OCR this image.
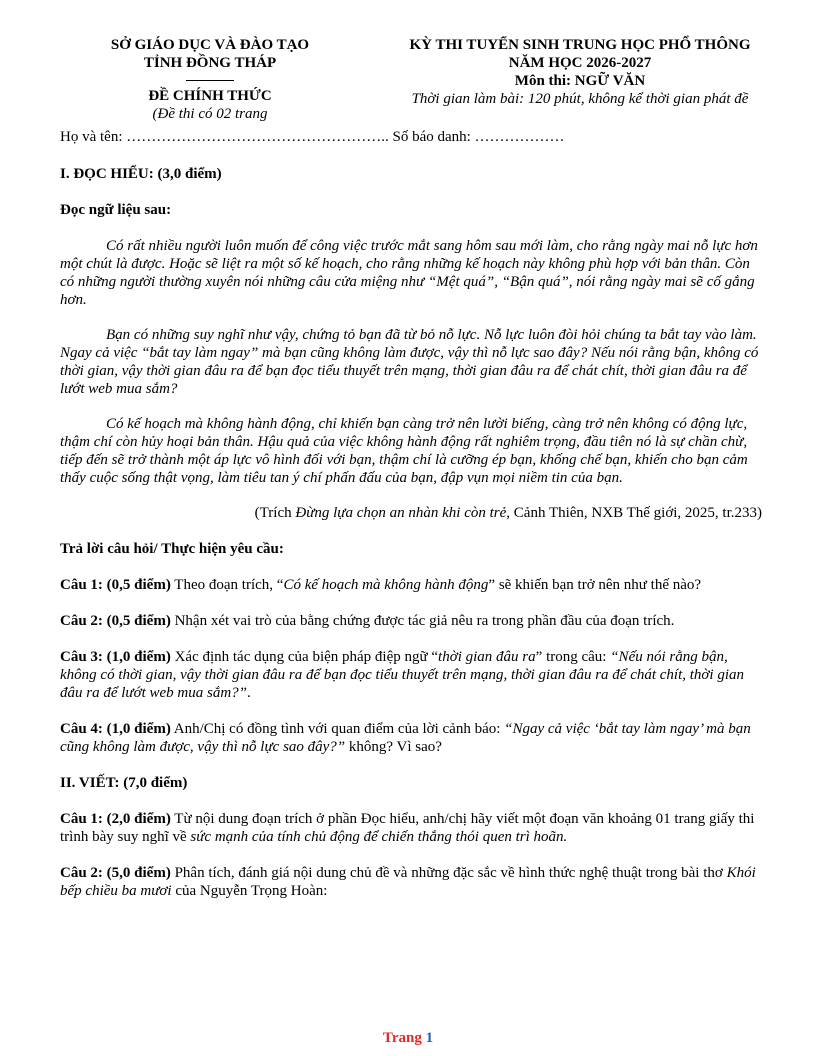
SỞ GIÁO DỤC VÀ ĐÀO TẠO
TỈNH ĐỒNG THÁP
ĐỀ CHÍNH THỨC
(Đề thi có 02 trang
KỲ THI TUYỂN SINH TRUNG HỌC PHỔ THÔNG
NĂM HỌC 2026-2027
Môn thi: NGỮ VĂN
Thời gian làm bài: 120 phút, không kể thời gian phát đề
Họ và tên: …………………………………………….. Số báo danh: ………………

I. ĐỌC HIỂU: (3,0 điểm)

Đọc ngữ liệu sau:

Có rất nhiều người luôn muốn để công việc trước mắt sang hôm sau mới làm, cho rằng ngày mai nỗ lực hơn một chút là được. Hoặc sẽ liệt ra một số kế hoạch, cho rằng những kế hoạch này không phù hợp với bản thân. Còn có những người thường xuyên nói những câu cửa miệng như “Mệt quá”, “Bận quá”, nói rằng ngày mai sẽ cố gắng hơn.

Bạn có những suy nghĩ như vậy, chứng tỏ bạn đã từ bỏ nỗ lực. Nỗ lực luôn đòi hỏi chúng ta bắt tay vào làm. Ngay cả việc “bắt tay làm ngay” mà bạn cũng không làm được, vậy thì nỗ lực sao đây? Nếu nói rằng bận, không có thời gian, vậy thời gian đâu ra để bạn đọc tiểu thuyết trên mạng, thời gian đâu ra để chát chít, thời gian đâu ra để lướt web mua sắm?

Có kế hoạch mà không hành động, chỉ khiến bạn càng trở nên lười biếng, càng trở nên không có động lực, thậm chí còn hủy hoại bản thân. Hậu quả của việc không hành động rất nghiêm trọng, đầu tiên nó là sự chần chừ, tiếp đến sẽ trở thành một áp lực vô hình đối với bạn, thậm chí là cưỡng ép bạn, khống chế bạn, khiến cho bạn cảm thấy cuộc sống thật vọng, làm tiêu tan ý chí phấn đấu của bạn, đập vụn mọi niềm tin của bạn.

(Trích Đừng lựa chọn an nhàn khi còn trẻ, Cảnh Thiên, NXB Thế giới, 2025, tr.233)

Trả lời câu hỏi/ Thực hiện yêu cầu:

Câu 1: (0,5 điểm) Theo đoạn trích, “Có kế hoạch mà không hành động” sẽ khiến bạn trở nên như thế nào?

Câu 2: (0,5 điểm) Nhận xét vai trò của bằng chứng được tác giả nêu ra trong phần đầu của đoạn trích.

Câu 3: (1,0 điểm) Xác định tác dụng của biện pháp điệp ngữ “thời gian đâu ra” trong câu: “Nếu nói rằng bận, không có thời gian, vậy thời gian đâu ra để bạn đọc tiểu thuyết trên mạng, thời gian đâu ra để chát chít, thời gian đâu ra để lướt web mua sắm?”.

Câu 4: (1,0 điểm) Anh/Chị có đồng tình với quan điểm của lời cảnh báo: “Ngay cả việc ‘bắt tay làm ngay’ mà bạn cũng không làm được, vậy thì nỗ lực sao đây?” không? Vì sao?

II. VIẾT: (7,0 điểm)

Câu 1: (2,0 điểm) Từ nội dung đoạn trích ở phần Đọc hiểu, anh/chị hãy viết một đoạn văn khoảng 01 trang giấy thi trình bày suy nghĩ về sức mạnh của tính chủ động để chiến thắng thói quen trì hoãn.

Câu 2: (5,0 điểm) Phân tích, đánh giá nội dung chủ đề và những đặc sắc về hình thức nghệ thuật trong bài thơ Khói bếp chiều ba mươi của Nguyễn Trọng Hoàn:

Trang 1
